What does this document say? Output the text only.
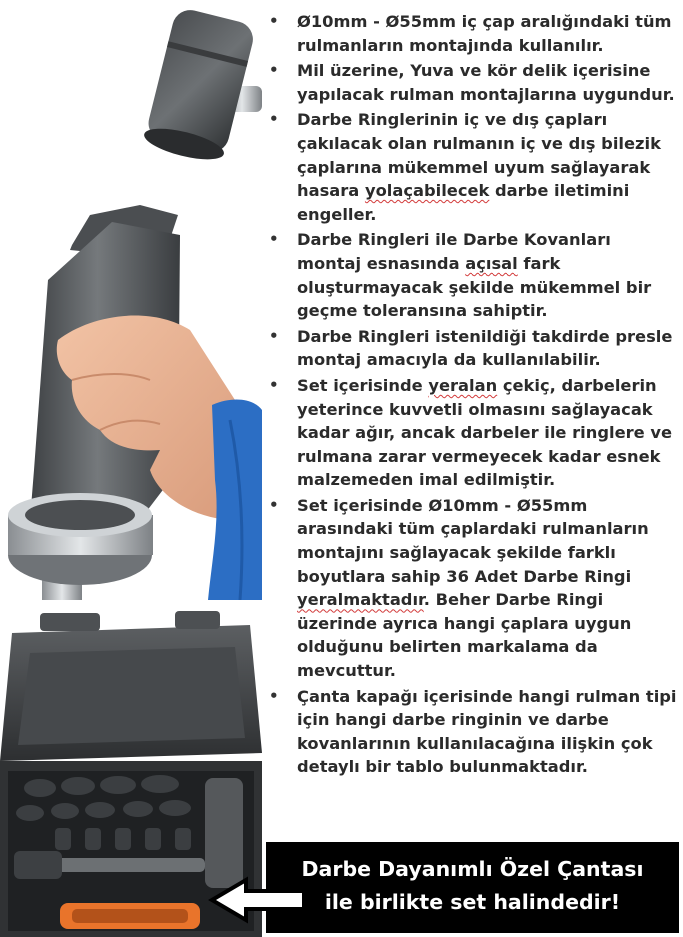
• Ø10mm - Ø55mm iç çap aralığındaki tüm rulmanların montajında kullanılır.
• Mil üzerine, Yuva ve kör delik içerisine yapılacak rulman montajlarına uygundur.
• Darbe Ringlerinin iç ve dış çapları çakılacak olan rulmanın iç ve dış bilezik çaplarına mükemmel uyum sağlayarak hasara yolaçabilecek darbe iletimini engeller.
• Darbe Ringleri ile Darbe Kovanları montaj esnasında açısal fark oluşturmayacak şekilde mükemmel bir geçme toleransına sahiptir.
• Darbe Ringleri istenildiği takdirde presle montaj amacıyla da kullanılabilir.
• Set içerisinde yeralan çekiç, darbelerin yeterince kuvvetli olmasını sağlayacak kadar ağır, ancak darbeler ile ringlere ve rulmana zarar vermeyecek kadar esnek malzemeden imal edilmiştir.
• Set içerisinde Ø10mm - Ø55mm arasındaki tüm çaplardaki rulmanların montajını sağlayacak şekilde farklı boyutlara sahip 36 Adet Darbe Ringi yeralmaktadır. Beher Darbe Ringi üzerinde ayrıca hangi çaplara uygun olduğunu belirten markalama da mevcuttur.
• Çanta kapağı içerisinde hangi rulman tipi için hangi darbe ringinin ve darbe kovanlarının kullanılacağına ilişkin çok detaylı bir tablo bulunmaktadır.
Darbe Dayanımlı Özel Çantası
ile birlikte set halindedir!
